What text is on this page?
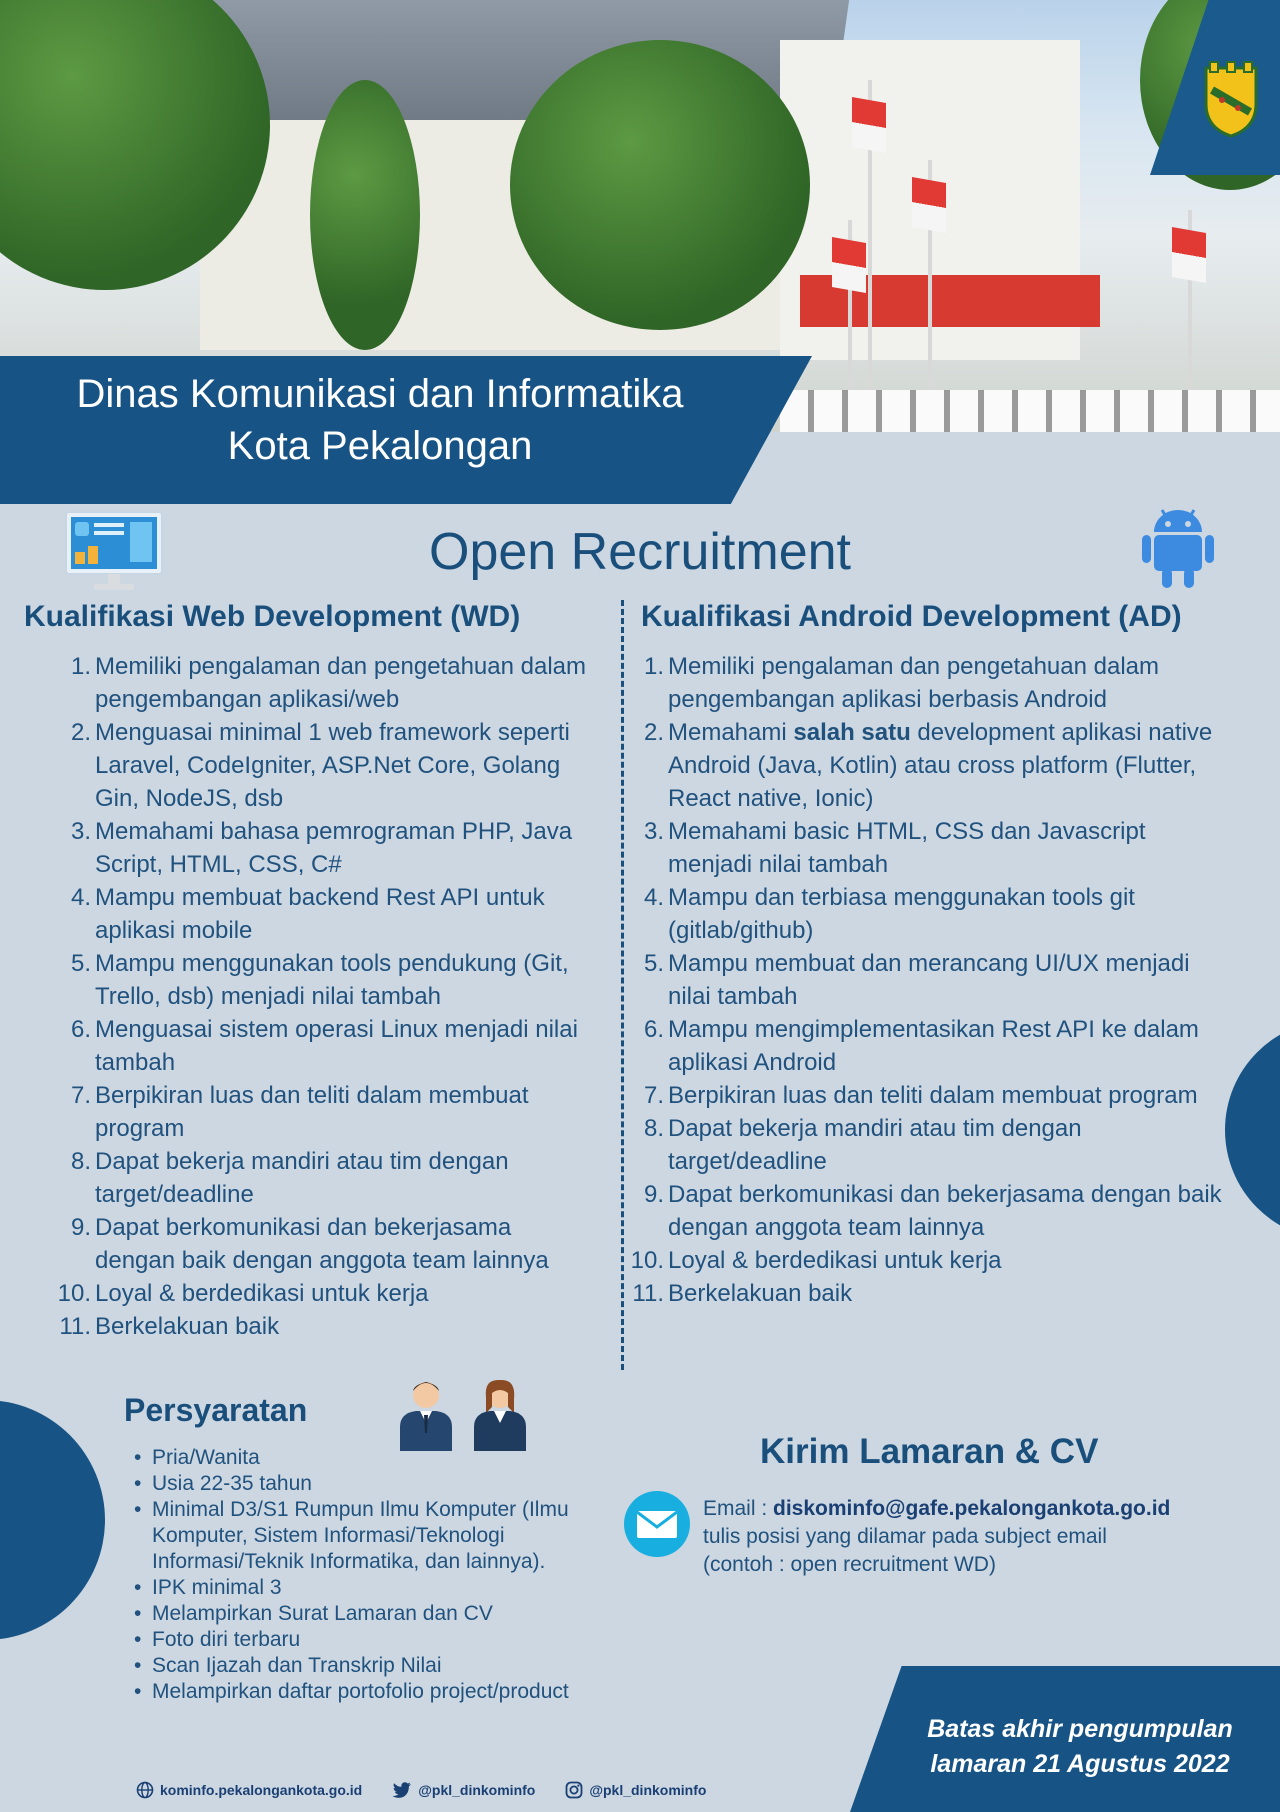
Dinas Komunikasi dan Informatika
Kota Pekalongan
Open Recruitment
Kualifikasi Web Development (WD)	Kualifikasi Android Development (AD)
1. Memiliki pengalaman dan pengetahuan dalam pengembangan aplikasi/web
2. Menguasai minimal 1 web framework seperti Laravel, CodeIgniter, ASP.Net Core, Golang Gin, NodeJS, dsb
3. Memahami bahasa pemrograman PHP, Java Script, HTML, CSS, C#
4. Mampu membuat backend Rest API untuk aplikasi mobile
5. Mampu menggunakan tools pendukung (Git, Trello, dsb) menjadi nilai tambah
6. Menguasai sistem operasi Linux menjadi nilai tambah
7. Berpikiran luas dan teliti dalam membuat program
8. Dapat bekerja mandiri atau tim dengan target/deadline
9. Dapat berkomunikasi dan bekerjasama dengan baik dengan anggota team lainnya
10. Loyal & berdedikasi untuk kerja
11. Berkelakuan baik
1. Memiliki pengalaman dan pengetahuan dalam pengembangan aplikasi berbasis Android
2. Memahami salah satu development aplikasi native Android (Java, Kotlin) atau cross platform (Flutter, React native, Ionic)
3. Memahami basic HTML, CSS dan Javascript menjadi nilai tambah
4. Mampu dan terbiasa menggunakan tools git (gitlab/github)
5. Mampu membuat dan merancang UI/UX menjadi nilai tambah
6. Mampu mengimplementasikan Rest API ke dalam aplikasi Android
7. Berpikiran luas dan teliti dalam membuat program
8. Dapat bekerja mandiri atau tim dengan target/deadline
9. Dapat berkomunikasi dan bekerjasama dengan baik dengan anggota team lainnya
10. Loyal & berdedikasi untuk kerja
11. Berkelakuan baik
Persyaratan
• Pria/Wanita
• Usia 22-35 tahun
• Minimal D3/S1 Rumpun Ilmu Komputer (Ilmu Komputer, Sistem Informasi/Teknologi Informasi/Teknik Informatika, dan lainnya).
• IPK minimal 3
• Melampirkan Surat Lamaran dan CV
• Foto diri terbaru
• Scan Ijazah dan Transkrip Nilai
• Melampirkan daftar portofolio project/product
Kirim Lamaran & CV
Email : diskominfo@gafe.pekalongankota.go.id
tulis posisi yang dilamar pada subject email
(contoh : open recruitment WD)
Batas akhir pengumpulan
lamaran 21 Agustus 2022
kominfo.pekalongankota.go.id	@pkl_dinkominfo	@pkl_dinkominfo
